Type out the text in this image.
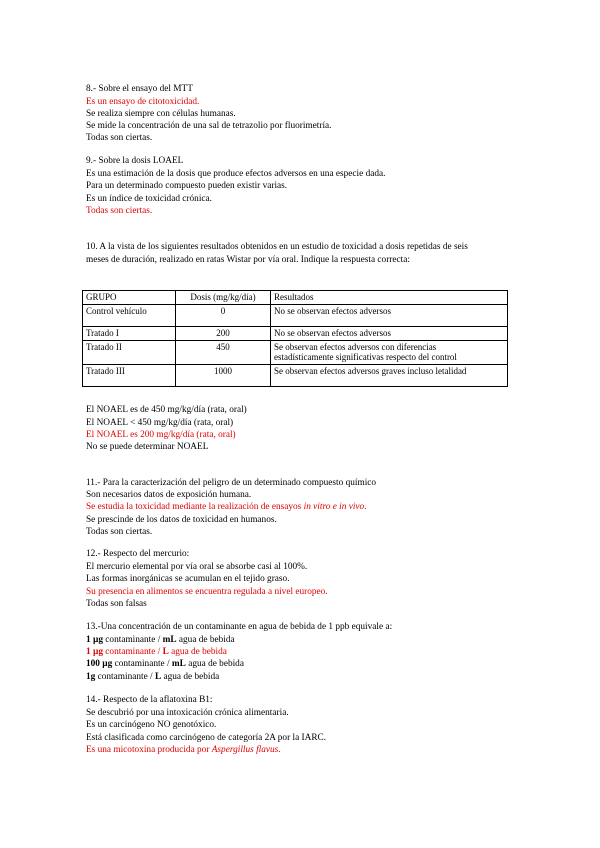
8.- Sobre el ensayo del MTT
Es un ensayo de citotoxicidad.
Se realiza siempre con células humanas.
Se mide la concentración de una sal de tetrazolio por fluorimetría.
Todas son ciertas.
9.- Sobre la dosis LOAEL
Es una estimación de la dosis que produce efectos adversos en una especie dada.
Para un determinado compuesto pueden existir varias.
Es un índice de toxicidad crónica.
Todas son ciertas.
10. A la vista de los siguientes resultados obtenidos en un estudio de toxicidad a dosis repetidas de seis
meses de duración, realizado en ratas Wistar por vía oral. Indique la respuesta correcta:
GRUPO	Dosis (mg/kg/día)	Resultados
Control vehículo	0	No se observan efectos adversos
Tratado I	200	No se observan efectos adversos
Tratado II	450	Se observan efectos adversos con diferencias
estadísticamente significativas respecto del control

Tratado III	1000	Se observan efectos adversos graves incluso letalidad
El NOAEL es de 450 mg/kg/día (rata, oral)
El NOAEL < 450 mg/kg/día (rata, oral)
El NOAEL es 200 mg/kg/día (rata, oral)
No se puede determinar NOAEL
11.- Para la caracterización del peligro de un determinado compuesto químico
Son necesarios datos de exposición humana.
Se estudia la toxicidad mediante la realización de ensayos in vitro e in vivo.
Se prescinde de los datos de toxicidad en humanos.
Todas son ciertas.
12.- Respecto del mercurio:
El mercurio elemental por vía oral se absorbe casi al 100%.
Las formas inorgánicas se acumulan en el tejido graso.
Su presencia en alimentos se encuentra regulada a nivel europeo.
Todas son falsas
13.-Una concentración de un contaminante en agua de bebida de 1 ppb equivale a:
1 µg contaminante / mL agua de bebida
1 µg contaminante / L agua de bebida
100 µg contaminante / mL agua de bebida
1g contaminante / L agua de bebida
14.- Respecto de la aflatoxina B1:
Se descubrió por una intoxicación crónica alimentaria.
Es un carcinógeno NO genotóxico.
Está clasificada como carcinógeno de categoría 2A por la IARC.
Es una micotoxina producida por Aspergillus flavus.
